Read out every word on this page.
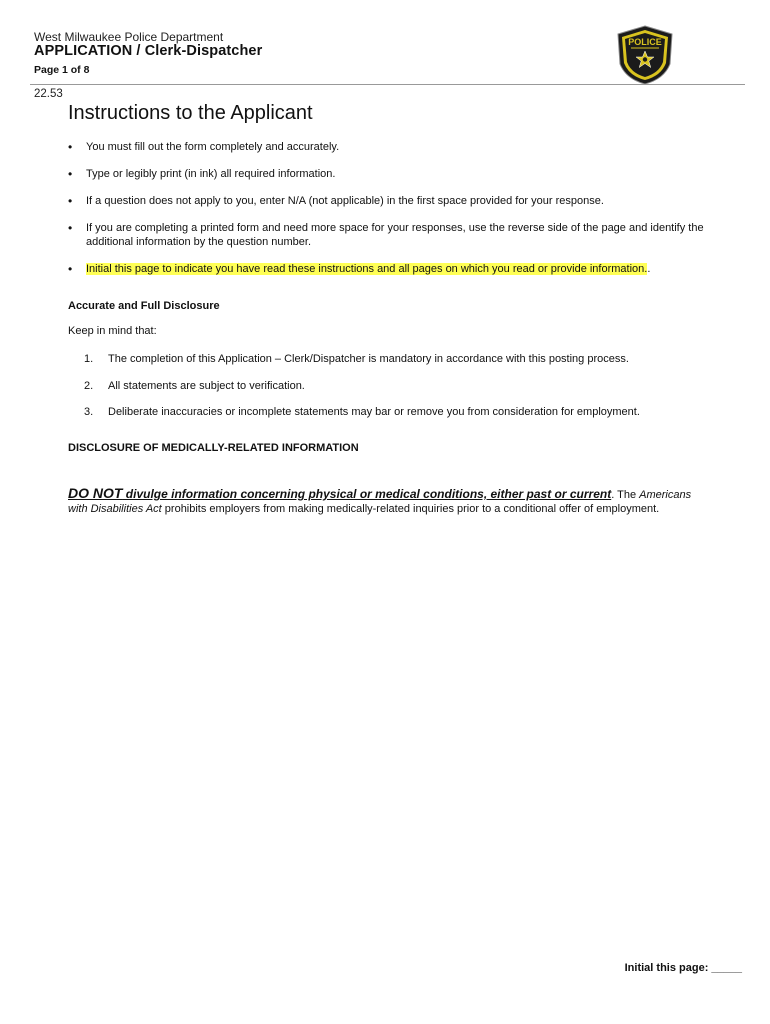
West Milwaukee Police Department
APPLICATION / Clerk-Dispatcher
Page 1 of 8
POLICE
22.53
Instructions to the Applicant
• You must fill out the form completely and accurately.
• Type or legibly print (in ink) all required information.
• If a question does not apply to you, enter N/A (not applicable) in the first space provided for your response.
• If you are completing a printed form and need more space for your responses, use the reverse side of the page and identify the additional information by the question number.
• Initial this page to indicate you have read these instructions and all pages on which you read or provide information..
Accurate and Full Disclosure
Keep in mind that:
1.	The completion of this Application – Clerk/Dispatcher is mandatory in accordance with this posting process.
2.	All statements are subject to verification.
3.	Deliberate inaccuracies or incomplete statements may bar or remove you from consideration for employment.
DISCLOSURE OF MEDICALLY-RELATED INFORMATION
DO NOT divulge information concerning physical or medical conditions, either past or current. The Americans with Disabilities Act prohibits employers from making medically-related inquiries prior to a conditional offer of employment.
Initial this page: _____
